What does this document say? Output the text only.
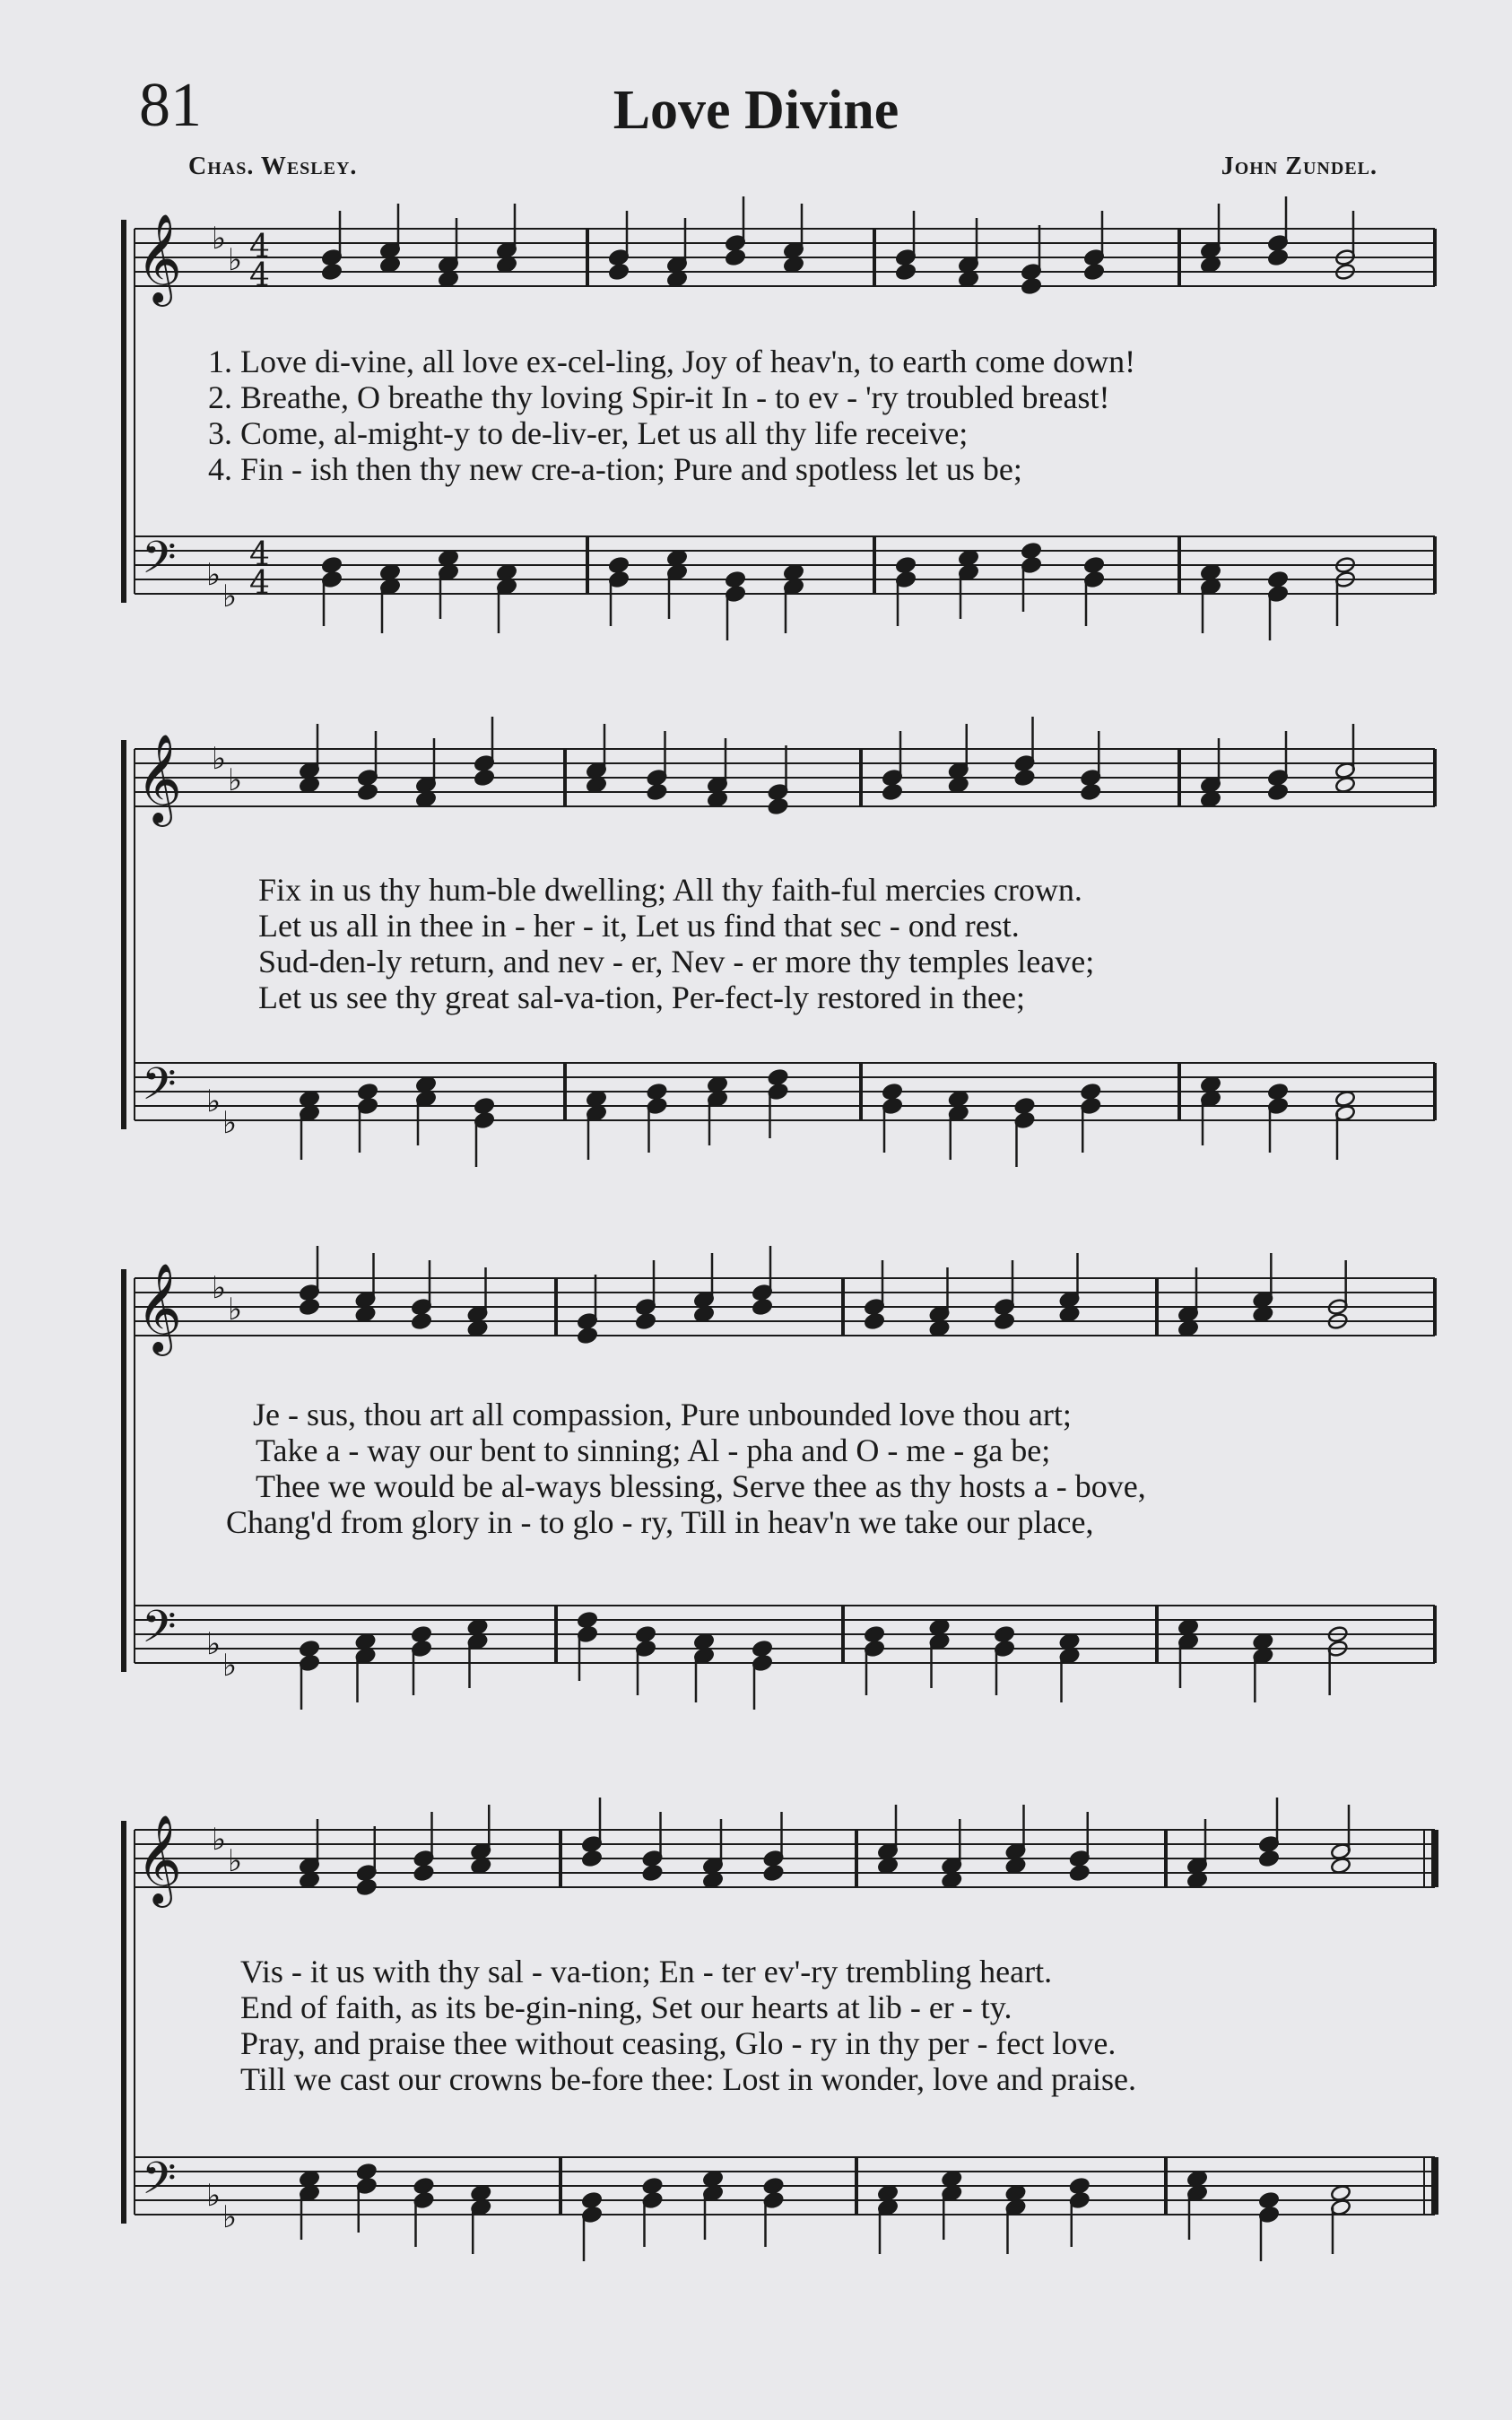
81	Love Divine
Chas. Wesley.	John Zundel.
𝄞
𝄢
♭
♭
♭
♭
4
4
4
4
𝄞
𝄢
♭
♭
♭
♭
𝄞
𝄢
♭
♭
♭
♭
𝄞
𝄢
♭
♭
♭
♭
1. Love di-vine, all love ex-cel-ling, Joy of heav'n, to earth come down!
2. Breathe, O breathe thy loving Spir-it In - to ev - 'ry troubled breast!
3. Come, al-might-y to de-liv-er, Let us all thy life receive;
4. Fin - ish then thy new cre-a-tion; Pure and spotless let us be;
Fix in us thy hum-ble dwelling; All thy faith-ful mercies crown.
Let us all in thee in - her - it, Let us find that sec - ond rest.
Sud-den-ly return, and nev - er, Nev - er more thy temples leave;
Let us see thy great sal-va-tion, Per-fect-ly restored in thee;
Je - sus, thou art all compassion, Pure unbounded love thou art;
Take a - way our bent to sinning; Al - pha and O - me - ga be;
Thee we would be al-ways blessing, Serve thee as thy hosts a - bove,
Chang'd from glory in - to glo - ry, Till in heav'n we take our place,
Vis - it us with thy sal - va-tion; En - ter ev'-ry trembling heart.
End of faith, as its be-gin-ning, Set our hearts at lib - er - ty.
Pray, and praise thee without ceasing, Glo - ry in thy per - fect love.
Till we cast our crowns be-fore thee: Lost in wonder, love and praise.
